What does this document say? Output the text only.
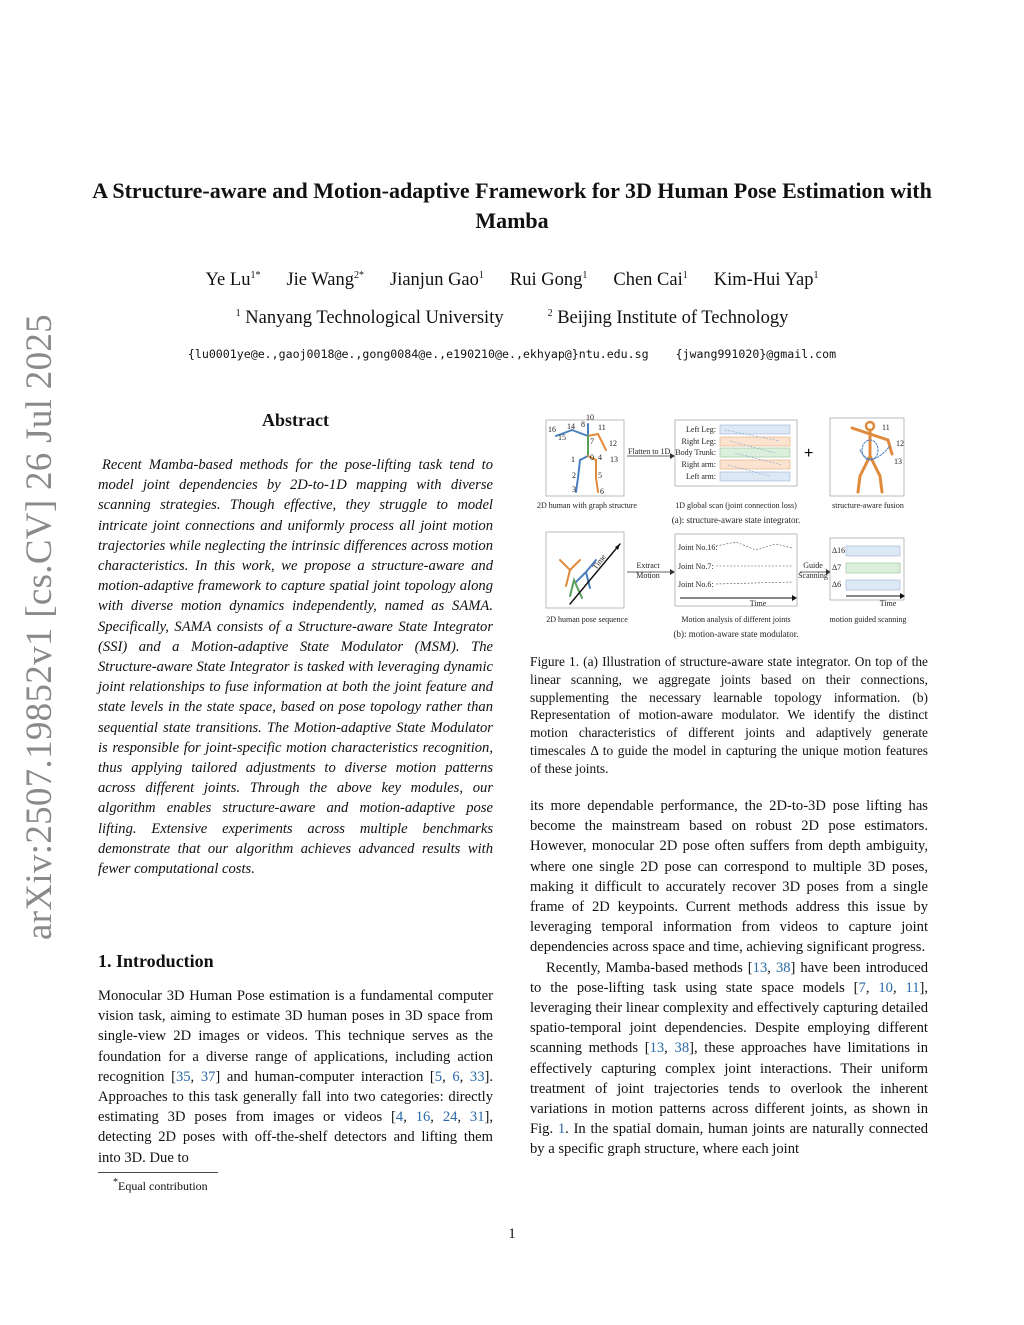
A Structure-aware and Motion-adaptive Framework for 3D Human Pose Estimation with Mamba
Ye $Lu^{1*}$ Jie Wang$^{2*}$ Jianjun Gao$^1$ Rui Gong$^1$ Chen Cai$^1$ Kim-Hui Yap$^1$
$^1$ Nanyang Technological University	$^2$ Beijing Institute of Technology
{lu0001ye@e.,gaoj0018@e.,gong0084@e.,e190210@e.,ekhyap@}ntu.edu.sg {jwang991020}@gmail.com
arXiv:2507.19852v1 [cs.CV] 26 Jul 2025	Abstract
Recent Mamba-based methods for the pose-lifting task tend to model joint dependencies by 2D-to-1D mapping with diverse scanning strategies. Though effective, they struggle to model intricate joint connections and uniformly process all joint motion trajectories while neglecting the intrinsic differences across motion characteristics. In this work, we propose a structure-aware and motion-adaptive framework to capture spatial joint topology along with diverse motion dynamics independently, named as SAMA. Specifically, SAMA consists of a Structure-aware State Integrator (SSI) and a Motion-adaptive State Modulator (MSM). The Structure-aware State Integrator is tasked with leveraging dynamic joint relationships to fuse information at both the joint feature and state levels in the state space, based on pose topology rather than sequential state transitions. The Motion-adaptive State Modulator is responsible for joint-specific motion characteristics recognition, thus applying tailored adjustments to diverse motion patterns across different joints. Through the above key modules, our algorithm enables structure-aware and motion-adaptive pose lifting. Extensive experiments across multiple benchmarks demonstrate that our algorithm achieves advanced results with fewer computational costs.
1. Introduction
Monocular 3D Human Pose estimation is a fundamental computer vision task, aiming to estimate 3D human poses in 3D space from single-view 2D images or videos. This technique serves as the foundation for a diverse range of applications, including action recognition [35, 37] and human-computer interaction [5, 6, 33]. Approaches to this task generally fall into two categories: directly estimating 3D poses from images or videos [4, 16, 24, 31], detecting 2D poses with off-the-shelf detectors and lifting them into 3D. Due to
*Equal contribution
10
16 14 8 11
15	7 12
0 4 13
1
2	5
3	6
Flatten to 1D
Left Leg:
Right Leg:
Body Trunk:
Right arm:
Left arm:
+
11
12
13
2D human with graph structure	1D global scan (joint connection loss)	structure-aware fusion
(a): structure-aware state integrator.
Time	Extract
Motion
Joint No.16:
Joint No.7:
Joint No.6:
Time
Guide
Scanning
Δ16
Δ7
Δ6
Time
2D human pose sequence	Motion analysis of different joints	motion guided scanning
(b): motion-aware state modulator.
Figure 1. (a) Illustration of structure-aware state integrator. On top of the linear scanning, we aggregate joints based on their connections, supplementing the necessary learnable topology information. (b) Representation of motion-aware modulator. We identify the distinct motion characteristics of different joints and adaptively generate timescales Δ to guide the model in capturing the unique motion features of these joints.

its more dependable performance, the 2D-to-3D pose lifting has become the mainstream based on robust 2D pose estimators. However, monocular 2D pose often suffers from depth ambiguity, where one single 2D pose can correspond to multiple 3D poses, making it difficult to accurately recover 3D poses from a single frame of 2D keypoints. Current methods address this issue by leveraging temporal information from videos to capture joint dependencies across space and time, achieving significant progress.

Recently, Mamba-based methods [13, 38] have been introduced to the pose-lifting task using state space models [7, 10, 11], leveraging their linear complexity and effectively capturing detailed spatio-temporal joint dependencies. Despite employing different scanning methods [13, 38], these approaches have limitations in effectively capturing complex joint interactions. Their uniform treatment of joint trajectories tends to overlook the inherent variations in motion patterns across different joints, as shown in Fig. 1. In the spatial domain, human joints are naturally connected by a specific graph structure, where each joint

1
